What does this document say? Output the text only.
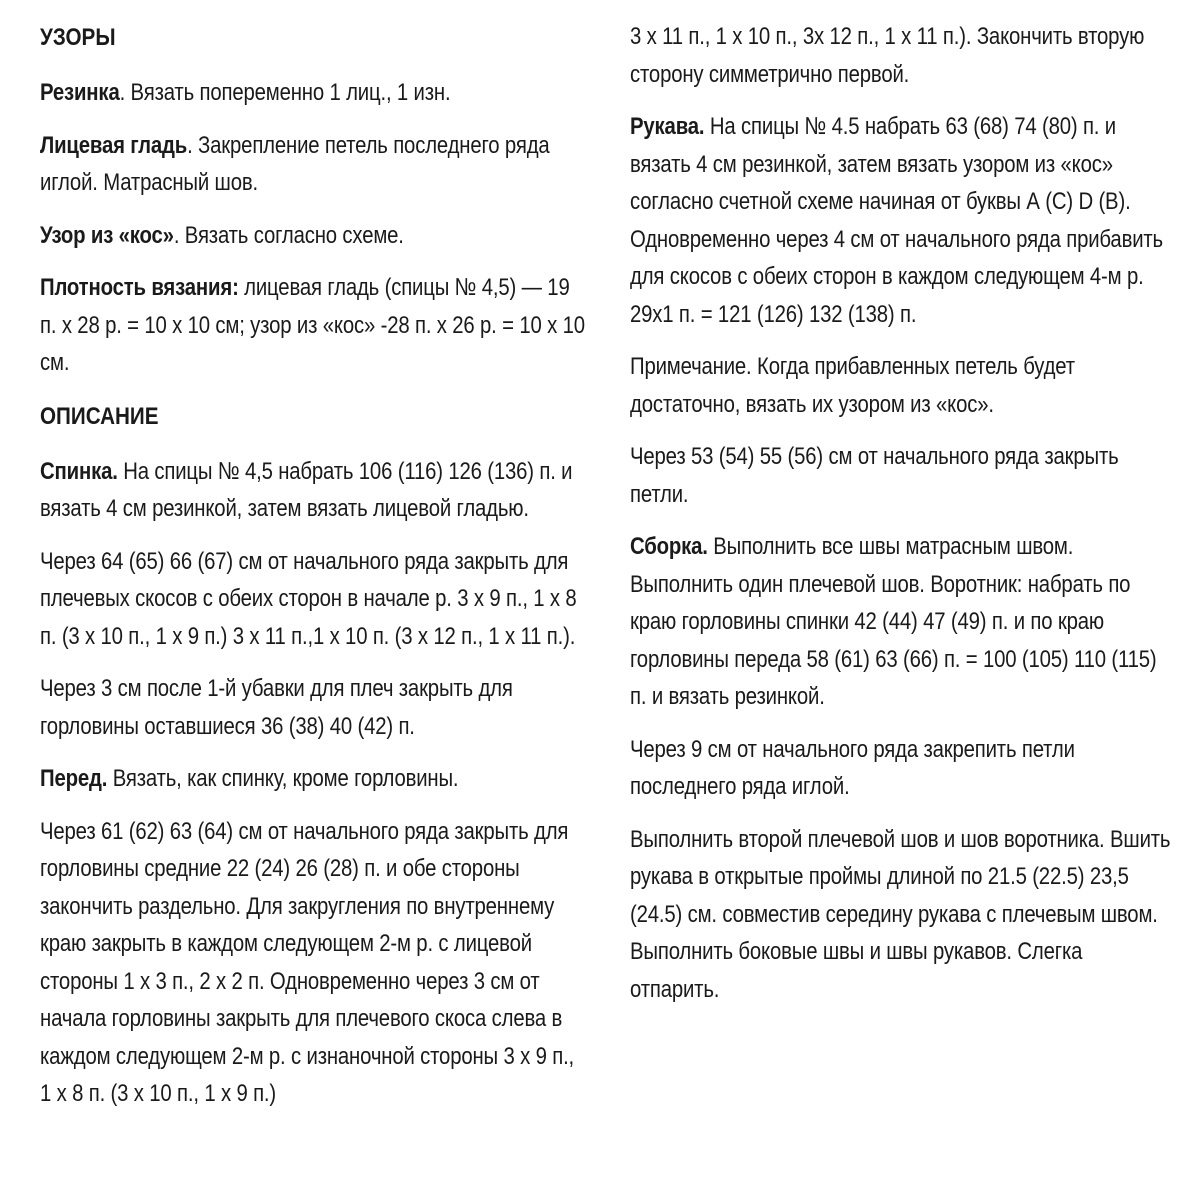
УЗОРЫ

Резинка. Вязать попеременно 1 лиц., 1 изн.

Лицевая гладь. Закрепление петель последнего ряда иглой. Матрасный шов.

Узор из «кос». Вязать согласно схеме.

Плотность вязания: лицевая гладь (спицы № 4,5) — 19 п. х 28 р. = 10 х 10 см; узор из «кос» -28 п. х 26 р. = 10 х 10 см.

ОПИСАНИЕ

Спинка. На спицы № 4,5 набрать 106 (116) 126 (136) п. и вязать 4 см резинкой, затем вязать лицевой гладью.

Через 64 (65) 66 (67) см от начального ряда закрыть для плечевых скосов с обеих сторон в начале р. 3 х 9 п., 1 х 8 п. (3 х 10 п., 1 х 9 п.) 3 х 11 п.,1 х 10 п. (3 х 12 п., 1 х 11 п.).

Через 3 см после 1-й убавки для плеч закрыть для горловины оставшиеся 36 (38) 40 (42) п.

Перед. Вязать, как спинку, кроме горловины.

Через 61 (62) 63 (64) см от начального ряда закрыть для горловины средние 22 (24) 26 (28) п. и обе стороны закончить раздельно. Для закругления по внутреннему краю закрыть в каждом следующем 2-м р. с лицевой стороны 1 х 3 п., 2 х 2 п. Одновременно через 3 см от начала горловины закрыть для плечевого скоса слева в каждом следующем 2-м р. с изнаночной стороны 3 х 9 п., 1 х 8 п. (3 х 10 п., 1 х 9 п.)

3 х 11 п., 1 х 10 п., 3х 12 п., 1 х 11 п.). Закончить вторую сторону симметрично первой.

Рукава. На спицы № 4.5 набрать 63 (68) 74 (80) п. и вязать 4 см резинкой, затем вязать узором из «кос» согласно счетной схеме начиная от буквы А (С) D (В). Одновременно через 4 см от начального ряда прибавить для скосов с обеих сторон в каждом следующем 4-м р. 29х1 п. = 121 (126) 132 (138) п.

Примечание. Когда прибавленных петель будет достаточно, вязать их узором из «кос».

Через 53 (54) 55 (56) см от начального ряда закрыть петли.

Сборка. Выполнить все швы матрасным швом. Выполнить один плечевой шов. Воротник: набрать по краю горловины спинки 42 (44) 47 (49) п. и по краю горловины переда 58 (61) 63 (66) п. = 100 (105) 110 (115) п. и вязать резинкой.

Через 9 см от начального ряда закрепить петли последнего ряда иглой.

Выполнить второй плечевой шов и шов воротника. Вшить рукава в открытые проймы длиной по 21.5 (22.5) 23,5 (24.5) см. совместив середину рукава с плечевым швом. Выполнить боковые швы и швы рукавов. Слегка отпарить.
